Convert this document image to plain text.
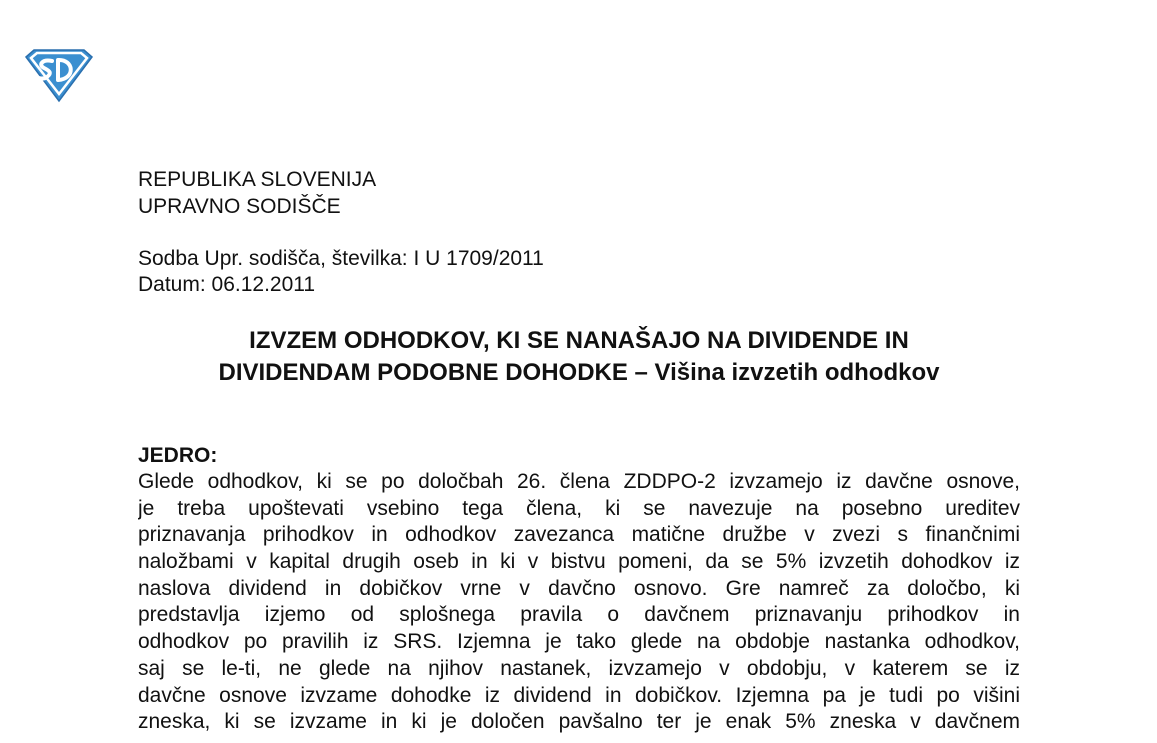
REPUBLIKA SLOVENIJA
UPRAVNO SODIŠČE
Sodba Upr. sodišča, številka: I U 1709/2011
Datum: 06.12.2011
IZVZEM ODHODKOV, KI SE NANAŠAJO NA DIVIDENDE IN
DIVIDENDAM PODOBNE DOHODKE – Višina izvzetih odhodkov
JEDRO:
Glede odhodkov, ki se po določbah 26. člena ZDDPO-2 izvzamejo iz davčne osnove,
je treba upoštevati vsebino tega člena, ki se navezuje na posebno ureditev
priznavanja prihodkov in odhodkov zavezanca matične družbe v zvezi s finančnimi
naložbami v kapital drugih oseb in ki v bistvu pomeni, da se 5% izvzetih dohodkov iz
naslova dividend in dobičkov vrne v davčno osnovo. Gre namreč za določbo, ki
predstavlja izjemo od splošnega pravila o davčnem priznavanju prihodkov in
odhodkov po pravilih iz SRS. Izjemna je tako glede na obdobje nastanka odhodkov,
saj se le-ti, ne glede na njihov nastanek, izvzamejo v obdobju, v katerem se iz
davčne osnove izvzame dohodke iz dividend in dobičkov. Izjemna pa je tudi po višini
zneska, ki se izvzame in ki je določen pavšalno ter je enak 5% zneska v davčnem
